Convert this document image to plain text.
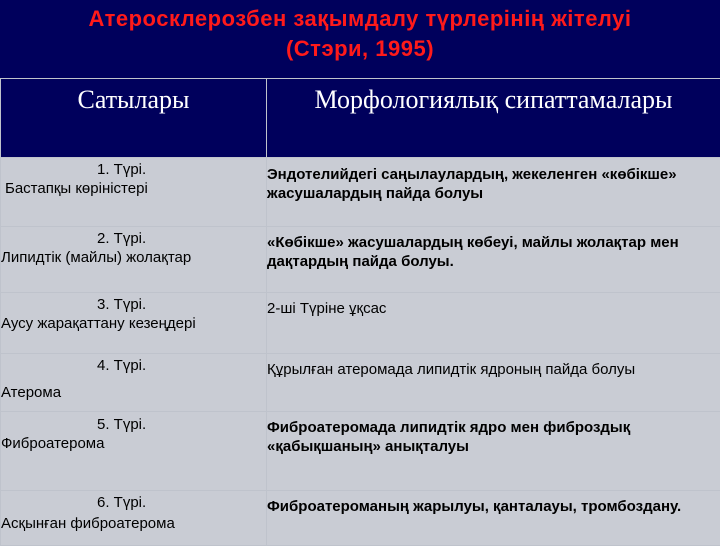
Атеросклерозбен зақымдалу түрлерінің жітелуі
(Стэри, 1995)
Сатылары	Морфологиялық сипаттамалары

1. Түрі.
Бастапқы көріністері	Эндотелийдегі саңылаулардың, жекеленген «көбікше» жасушалардың пайда болуы

2. Түрі.
Липидтік (майлы) жолақтар	«Көбікше» жасушалардың көбеуі, майлы жолақтар мен дақтардың пайда болуы.

3. Түрі.
Аусу жарақаттану кезеңдері	2-ші Түріне ұқсас

4. Түрі.
Атерома	Құрылған атеромада липидтік ядроның пайда болуы

5. Түрі.
Фиброатерома	Фиброатеромада липидтік ядро мен фиброздық «қабықшаның» анықталуы

6. Түрі.
Асқынған фиброатерома	Фиброатероманың жарылуы, қанталауы, тромбоздану.
